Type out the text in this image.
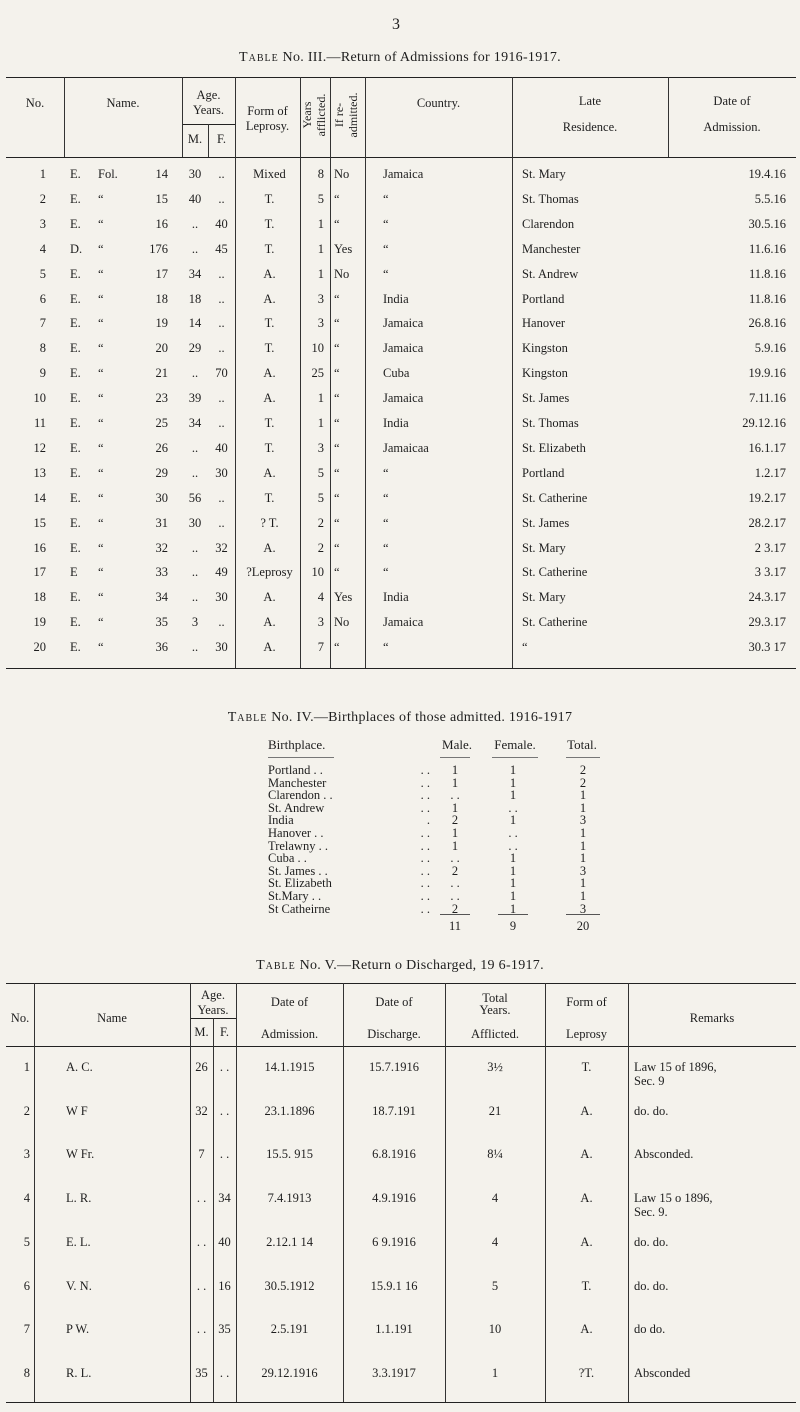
3
Table No. III.—Return of Admissions for 1916-1917.
No.	Name.
Age.
Years.
M.	F.
Form of
Leprosy. Years
afflicted. If re-
admitted.	Country.	Late
Residence.
Date of
Admission.
1 E.	Fol.	14	30	..	Mixed	8 No	Jamaica	St. Mary	19.4.16
2 E.	“	15	40	..	T.	5 “	“	St. Thomas	5.5.16
3 E.	“	16	..	40	T.	1 “	“	Clarendon	30.5.16
4 D.	“	176	..	45	T.	1 Yes	“	Manchester	11.6.16
5 E.	“	17	34	..	A.	1 No	“	St. Andrew	11.8.16
6 E.	“	18	18	..	A.	3 “	India	Portland	11.8.16
7 E.	“	19	14	..	T.	3 “	Jamaica	Hanover	26.8.16
8 E.	“	20	29	..	T.	10 “	Jamaica	Kingston	5.9.16
9 E.	“	21	..	70	A.	25 “	Cuba	Kingston	19.9.16
10 E.	“	23	39	..	A.	1 “	Jamaica	St. James	7.11.16
11 E.	“	25	34	..	T.	1 “	India	St. Thomas	29.12.16
12 E.	“	26	..	40	T.	3 “	Jamaicaa	St. Elizabeth	16.1.17
13 E.	“	29	..	30	A.	5 “	“	Portland	1.2.17
14 E.	“	30	56	..	T.	5 “	“	St. Catherine	19.2.17
15 E.	“	31	30	..	? T.	2 “	“	St. James	28.2.17
16 E.	“	32	..	32	A.	2 “	“	St. Mary	2 3.17
17 E	“	33	..	49	?Leprosy	10 “	“	St. Catherine	3 3.17
18 E.	“	34	..	30	A.	4 Yes	India	St. Mary	24.3.17
19 E.	“	35	3	..	A.	3 No	Jamaica	St. Catherine	29.3.17
20 E.	“	36	..	30	A.	7 “	“	“	30.3 17
Table No. IV.—Birthplaces of those admitted. 1916-1917
Birthplace.	Male.	Female.	Total.
Portland . .	. .	1	1	2
Manchester	. .	1	1	2
Clarendon . .	. .	. .	1	1
St. Andrew	. .	1	. .	1
India	.	2	1	3
Hanover . .	. .	1	. .	1
Trelawny . .	. .	1	. .	1
Cuba . .	. .	. .	1	1
St. James . .	. .	2	1	3
St. Elizabeth	. .	. .	1	1
St.Mary . .	. .	. .	1	1
St Catheirne	. .	2	1	3
11	9	20
Table No. V.—Return o Discharged, 19 6-1917.
No.	Name
Age.
Years.
M. F.
Date of

Admission.
Date of

Discharge.
Total
Years.

Afflicted.
Form of

Leprosy
Remarks
1	A. C.	26 . .	14.1.1915	15.7.1916	3½	T.	Law 15 of 1896,
Sec. 9
2	W F	32 . .	23.1.1896	18.7.191	21	A.	do. do.
3	W Fr.	7	. .	15.5. 915	6.8.1916	8¼	A.	Absconded.
4	L. R.	. . 34	7.4.1913	4.9.1916	4	A.	Law 15 o 1896,
Sec. 9.
5	E. L.	. . 40	2.12.1 14	6 9.1916	4	A.	do. do.
6	V. N.	. . 16	30.5.1912	15.9.1 16	5	T.	do. do.
7	P W.	. . 35	2.5.191	1.1.191	10	A.	do do.
8	R. L.	35 . .	29.12.1916	3.3.1917	1	?T.	Absconded
